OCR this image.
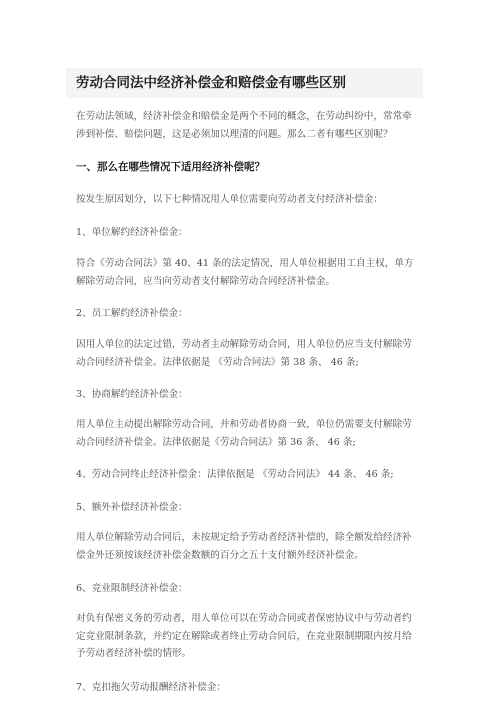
劳动合同法中经济补偿金和赔偿金有哪些区别

在劳动法领域，经济补偿金和赔偿金是两个不同的概念，在劳动纠纷中，常常牵
涉到补偿、赔偿问题，这是必须加以理清的问题。那么二者有哪些区别呢？

一、那么在哪些情况下适用经济补偿呢？
按发生原因划分，以下七种情况用人单位需要向劳动者支付经济补偿金：
1、单位解约经济补偿金：

符合《劳动合同法》第 40、41 条的法定情况，用人单位根据用工自主权，单方
解除劳动合同，应当向劳动者支付解除劳动合同经济补偿金。

2、员工解约经济补偿金：

因用人单位的法定过错，劳动者主动解除劳动合同，用人单位仍应当支付解除劳
动合同经济补偿金。法律依据是 《劳动合同法》第 38 条、 46 条;

3、协商解约经济补偿金：

用人单位主动提出解除劳动合同，并和劳动者协商一致，单位仍需要支付解除劳
动合同经济补偿金。法律依据是《劳动合同法》第 36 条、 46 条;

4、劳动合同终止经济补偿金：法律依据是 《劳动合同法》 44 条、 46 条;
5、额外补偿经济补偿金：

用人单位解除劳动合同后，未按规定给予劳动者经济补偿的，除全额发给经济补
偿金外还须按该经济补偿金数额的百分之五十支付额外经济补偿金。

6、竞业限制经济补偿金：

对负有保密义务的劳动者，用人单位可以在劳动合同或者保密协议中与劳动者约
定竞业限制条款，并约定在解除或者终止劳动合同后，在竞业限制期限内按月给
予劳动者经济补偿的情形。

7、克扣拖欠劳动报酬经济补偿金：
